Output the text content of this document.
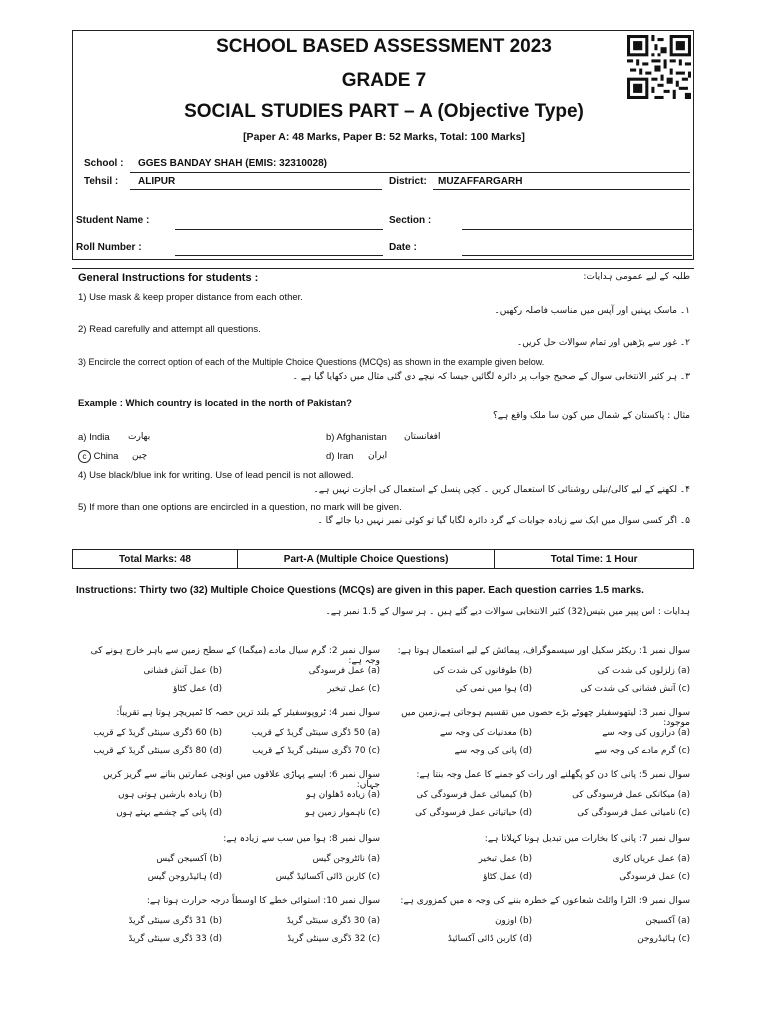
SCHOOL BASED ASSESSMENT 2023
GRADE 7
SOCIAL STUDIES PART – A (Objective Type)
[Paper A: 48 Marks, Paper B: 52 Marks, Total: 100 Marks]
School : GGES BANDAY SHAH (EMIS: 32310028)
Tehsil : ALIPUR	District: MUZAFFARGARH
Student Name :	Section :
Roll Number :	Date :
General Instructions for students :	طلبہ کے لیے عمومی ہدایات:
1) Use mask & keep proper distance from each other.
۱۔ ماسک پہنیں اور آپس میں مناسب فاصلہ رکھیں۔
2) Read carefully and attempt all questions.
۲۔ غور سے پڑھیں اور تمام سوالات حل کریں۔
3) Encircle the correct option of each of the Multiple Choice Questions (MCQs) as shown in the example given below.
۳۔ ہر کثیر الانتخابی سوال کے صحیح جواب پر دائرہ لگائیں جیسا کہ نیچے دی گئی مثال میں دکھایا گیا ہے ۔
Example : Which country is located in the north of Pakistan?
مثال : پاکستان کے شمال میں کون سا ملک واقع ہے؟
a) India بھارت	b) Afghanistan افغانستان
c China چین	d) Iran ایران
4) Use black/blue ink for writing. Use of lead pencil is not allowed.
۴۔ لکھنے کے لیے کالی/نیلی روشنائی کا استعمال کریں ۔ کچی پنسل کے استعمال کی اجازت نہیں ہے۔
5) If more than one options are encircled in a question, no mark will be given.
۵۔ اگر کسی سوال میں ایک سے زیادہ جوابات کے گرد دائرہ لگایا گیا تو کوئی نمبر نہیں دیا جائے گا ۔
Total Marks: 48	Part-A (Multiple Choice Questions)	Total Time: 1 Hour
Instructions: Thirty two (32) Multiple Choice Questions (MCQs) are given in this paper. Each question carries 1.5 marks.
ہدایات : اس پیپر میں بتیس(32) کثیر الانتخابی سوالات دیے گئے ہیں ۔ ہر سوال کے 1.5 نمبر ہے۔
سوال نمبر 1: ریکٹر سکیل اور سیسموگراف، پیمائش کے لیے استعمال ہوتا ہے:
(a) زلزلوں کی شدت کی
(b) طوفانوں کی شدت کی
(c) آتش فشانی کی شدت کی
(d) ہوا میں نمی کی
سوال نمبر 2: گرم سیال مادے (میگما) کے سطح زمین سے باہر خارج ہونے کی وجہ ہے:
(a) عمل فرسودگی
(b) عمل آتش فشانی
(c) عمل تبخیر
(d) عمل کٹاؤ
سوال نمبر 3: لیتھوسفیئر چھوٹے بڑے حصوں میں تقسیم ہوجاتی ہے،زمین میں موجود:
(a) درازوں کی وجہ سے
(b) معدنیات کی وجہ سے
(c) گرم مادے کی وجہ سے
(d) پانی کی وجہ سے
سوال نمبر 4: ٹروپوسفیئر کے بلند ترین حصہ کا ٹمپریچر ہوتا ہے تقریباً:
(a) 50 ڈگری سینٹی گریڈ کے قریب
(b) 60 ڈگری سینٹی گریڈ کے قریب
(c) 70 ڈگری سینٹی گریڈ کے قریب
(d) 80 ڈگری سینٹی گریڈ کے قریب
سوال نمبر 5: پانی کا دن کو پگھلنے اور رات کو جمنے کا عمل وجہ بنتا ہے:
(a) میکانکی عمل فرسودگی کی
(b) کیمیائی عمل فرسودگی کی
(c) نامیاتی عمل فرسودگی کی
(d) حیاتیاتی عمل فرسودگی کی
سوال نمبر 6: ایسے پہاڑی علاقوں میں اونچی عمارتیں بنانے سے گریز کریں جہاں:
(a) زیادہ ڈھلوان ہو
(b) زیادہ بارشیں ہوتی ہوں
(c) ناہموار زمین ہو
(d) پانی کے چشمے بہتے ہوں
سوال نمبر 7: پانی کا بخارات میں تبدیل ہونا کہلاتا ہے:
(a) عمل عریاں کاری
(b) عمل تبخیر
(c) عمل فرسودگی
(d) عمل کٹاؤ
سوال نمبر 8: ہوا میں سب سے زیادہ ہے:
(a) نائٹروجن گیس
(b) آکسیجن گیس
(c) کاربن ڈائی آکسائیڈ گیس
(d) ہائیڈروجن گیس
سوال نمبر 9: الٹرا وائلٹ شعاعوں کے خطرہ بننے کی وجہ ہ میں کمزوری ہے:
(a) آکسیجن
(b) اوزون
(c) ہائیڈروجن
(d) کاربن ڈائی آکسائیڈ
سوال نمبر 10: استوائی خطے کا اوسطاً درجہ حرارت ہوتا ہے:
(a) 30 ڈگری سینٹی گریڈ
(b) 31 ڈگری سینٹی گریڈ
(c) 32 ڈگری سینٹی گریڈ
(d) 33 ڈگری سینٹی گریڈ
